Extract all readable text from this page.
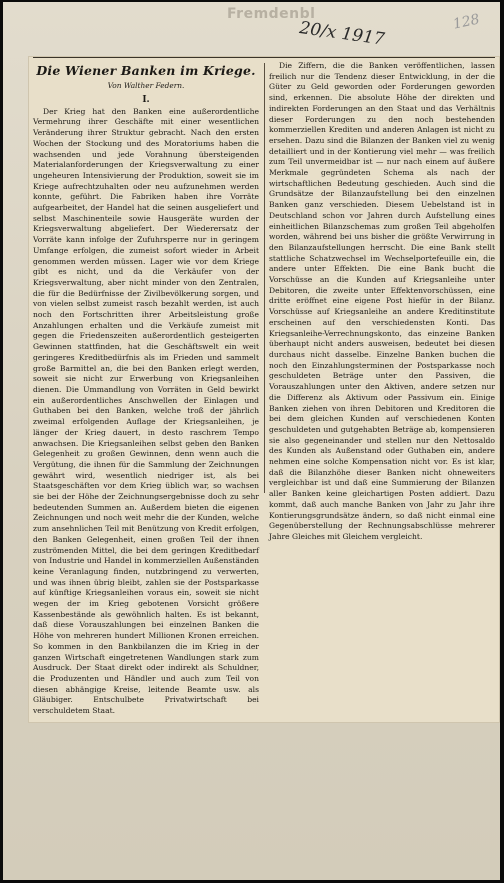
Fremdenbl
20/x 1917	128
Die Wiener Banken im Kriege.
Von Walther Federn.
I.

Der Krieg hat den Banken eine außerordentliche Vermehrung ihrer Geschäfte mit einer wesentlichen Veränderung ihrer Struktur gebracht. Nach den ersten Wochen der Stockung und des Moratoriums haben die wachsenden und jede Vorahnung übersteigenden Materialanforderungen der Kriegsverwaltung zu einer ungeheuren Intensivierung der Produktion, soweit sie im Kriege aufrechtzuhalten oder neu aufzunehmen werden konnte, geführt. Die Fabriken haben ihre Vorräte aufgearbeitet, der Handel hat die seinen ausgeliefert und selbst Maschinenteile sowie Hausgeräte wurden der Kriegsverwaltung abgeliefert. Der Wiederersatz der Vorräte kann infolge der Zufuhrsperre nur in geringem Umfange erfolgen, die zumeist sofort wieder in Arbeit genommen werden müssen. Lager wie vor dem Kriege gibt es nicht, und da die Verkäufer von der Kriegsverwaltung, aber nicht minder von den Zentralen, die für die Bedürfnisse der Zivilbevölkerung sorgen, und von vielen selbst zumeist rasch bezahlt werden, ist auch noch den Fortschritten ihrer Arbeitsleistung große Anzahlungen erhalten und die Verkäufe zumeist mit gegen die Friedenszeiten außerordentlich gesteigerten Gewinnen stattfinden, hat die Geschäftswelt ein weit geringeres Kreditbedürfnis als im Frieden und sammelt große Barmittel an, die bei den Banken erlegt werden, soweit sie nicht zur Erwerbung von Kriegsanleihen dienen. Die Ummandlung von Vorräten in Geld bewirkt ein außerordentliches Anschwellen der Einlagen und Guthaben bei den Banken, welche troß der jährlich zweimal erfolgenden Auflage der Kriegsanleihen, je länger der Krieg dauert, in desto raschrem Tempo anwachsen. Die Kriegsanleihen selbst geben den Banken Gelegenheit zu großen Gewinnen, denn wenn auch die Vergütung, die ihnen für die Sammlung der Zeichnungen gewährt wird, wesentlich niedriger ist, als bei Staatsgeschäften vor dem Krieg üblich war, so wachsen sie bei der Höhe der Zeichnungsergebnisse doch zu sehr bedeutenden Summen an. Außerdem bieten die eigenen Zeichnungen und noch weit mehr die der Kunden, welche zum ansehnlichen Teil mit Benützung von Kredit erfolgen, den Banken Gelegenheit, einen großen Teil der ihnen zuströmenden Mittel, die bei dem geringen Kreditbedarf von Industrie und Handel in kommerziellen Außenständen keine Veranlagung finden, nutzbringend zu verwerten, und was ihnen übrig bleibt, zahlen sie der Postsparkasse auf künftige Kriegsanleihen voraus ein, soweit sie nicht wegen der im Krieg gebotenen Vorsicht größere Kassenbestände als gewöhnlich halten. Es ist bekannt, daß diese Vorauszahlungen bei einzelnen Banken die Höhe von mehreren hundert Millionen Kronen erreichen. So kommen in den Bankbilanzen die im Krieg in der ganzen Wirtschaft eingetretenen Wandlungen stark zum Ausdruck. Der Staat direkt oder indirekt als Schuldner, die Produzenten und Händler und auch zum Teil von diesen abhängige Kreise, leitende Beamte usw. als Gläubiger. Entschulbete Privatwirtschaft bei verschuldetem Staat.

Die Ziffern, die die Banken veröffentlichen, lassen freilich nur die Tendenz dieser Entwicklung, in der die Güter zu Geld geworden oder Forderungen geworden sind, erkennen. Die absolute Höhe der direkten und indirekten Forderungen an den Staat und das Verhältnis dieser Forderungen zu den noch bestehenden kommerziellen Krediten und anderen Anlagen ist nicht zu ersehen. Dazu sind die Bilanzen der Banken viel zu wenig detailliert und in der Kontierung viel mehr — was freilich zum Teil unvermeidbar ist — nur nach einem auf äußere Merkmale gegründeten Schema als nach der wirtschaftlichen Bedeutung geschieden. Auch sind die Grundsätze der Bilanzaufstellung bei den einzelnen Banken ganz verschieden. Diesem Uebelstand ist in Deutschland schon vor Jahren durch Aufstellung eines einheitlichen Bilanzschemas zum großen Teil abgeholfen worden, während bei uns bisher die größte Verwirrung in den Bilanzaufstellungen herrscht. Die eine Bank stellt stattliche Schatzwechsel im Wechselportefeuille ein, die andere unter Effekten. Die eine Bank bucht die Vorschüsse an die Kunden auf Kriegsanleihe unter Debitoren, die zweite unter Effektenvorschüssen, eine dritte eröffnet eine eigene Post hiefür in der Bilanz. Vorschüsse auf Kriegsanleihe an andere Kreditinstitute erscheinen auf den verschiedensten Konti. Das Kriegsanleihe-Verrechnungskonto, das einzeine Banken überhaupt nicht anders ausweisen, bedeutet bei diesen durchaus nicht dasselbe. Einzelne Banken buchen die noch den Einzahlungsterminen der Postsparkasse noch geschuldeten Beträge unter den Passiven, die Vorauszahlungen unter den Aktiven, andere setzen nur die Differenz als Aktivum oder Passivum ein. Einige Banken ziehen von ihren Debitoren und Kreditoren die bei dem gleichen Kunden auf verschiedenen Konten geschuldeten und gutgehabten Beträge ab, kompensieren sie also gegeneinander und stellen nur den Nettosaldo des Kunden als Außenstand oder Guthaben ein, andere nehmen eine solche Kompensation nicht vor. Es ist klar, daß die Bilanzhöhe dieser Banken nicht ohneweiters vergleichbar ist und daß eine Summierung der Bilanzen aller Banken keine gleichartigen Posten addiert. Dazu kommt, daß auch manche Banken von Jahr zu Jahr ihre Kontierungsgrundsätze ändern, so daß nicht einmal eine Gegenüberstellung der Rechnungsabschlüsse mehrerer Jahre Gleiches mit Gleichem vergleicht.
